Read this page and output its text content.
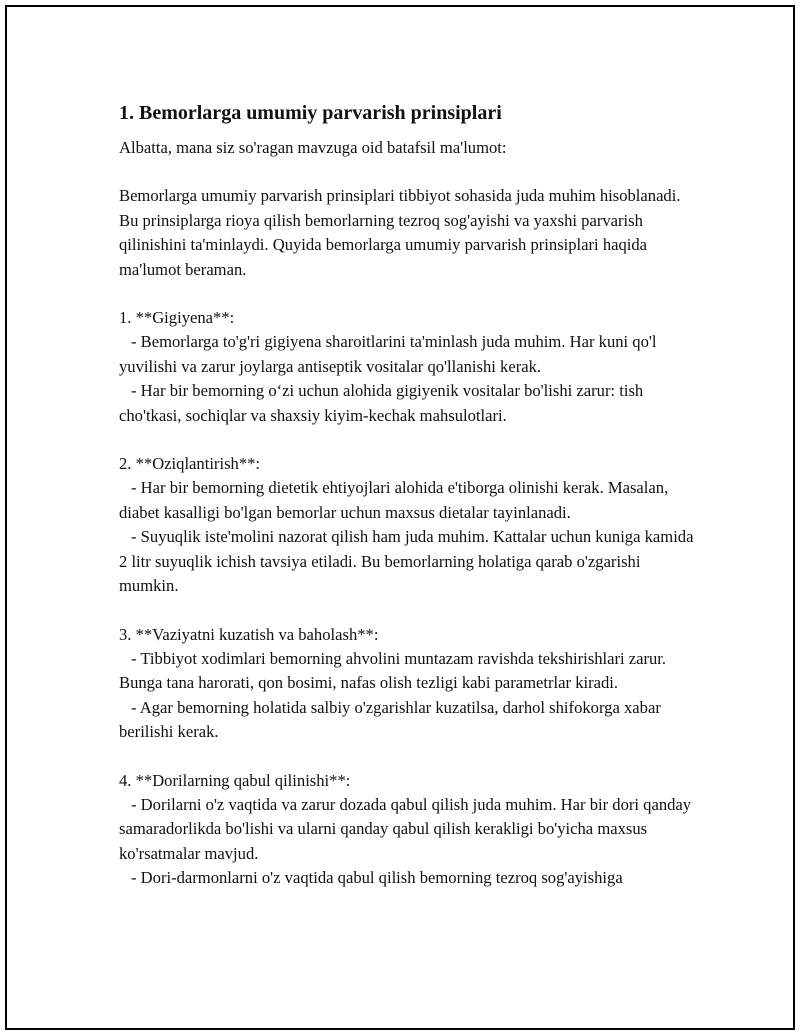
1. Bemorlarga umumiy parvarish prinsiplari

Albatta, mana siz so'ragan mavzuga oid batafsil ma'lumot:

Bemorlarga umumiy parvarish prinsiplari tibbiyot sohasida juda muhim hisoblanadi. Bu prinsiplarga rioya qilish bemorlarning tezroq sog'ayishi va yaxshi parvarish qilinishini ta'minlaydi. Quyida bemorlarga umumiy parvarish prinsiplari haqida ma'lumot beraman.

1. **Gigiyena**:

- Bemorlarga to'g'ri gigiyena sharoitlarini ta'minlash juda muhim. Har kuni qo'l yuvilishi va zarur joylarga antiseptik vositalar qo'llanishi kerak.

- Har bir bemorning o‘zi uchun alohida gigiyenik vositalar bo'lishi zarur: tish cho'tkasi, sochiqlar va shaxsiy kiyim-kechak mahsulotlari.

2. **Oziqlantirish**:

- Har bir bemorning dietetik ehtiyojlari alohida e'tiborga olinishi kerak. Masalan, diabet kasalligi bo'lgan bemorlar uchun maxsus dietalar tayinlanadi.

- Suyuqlik iste'molini nazorat qilish ham juda muhim. Kattalar uchun kuniga kamida 2 litr suyuqlik ichish tavsiya etiladi. Bu bemorlarning holatiga qarab o'zgarishi mumkin.

3. **Vaziyatni kuzatish va baholash**:

- Tibbiyot xodimlari bemorning ahvolini muntazam ravishda tekshirishlari zarur. Bunga tana harorati, qon bosimi, nafas olish tezligi kabi parametrlar kiradi.

- Agar bemorning holatida salbiy o'zgarishlar kuzatilsa, darhol shifokorga xabar berilishi kerak.

4. **Dorilarning qabul qilinishi**:

- Dorilarni o'z vaqtida va zarur dozada qabul qilish juda muhim. Har bir dori qanday samaradorlikda bo'lishi va ularni qanday qabul qilish kerakligi bo'yicha maxsus ko'rsatmalar mavjud.

- Dori-darmonlarni o'z vaqtida qabul qilish bemorning tezroq sog'ayishiga
